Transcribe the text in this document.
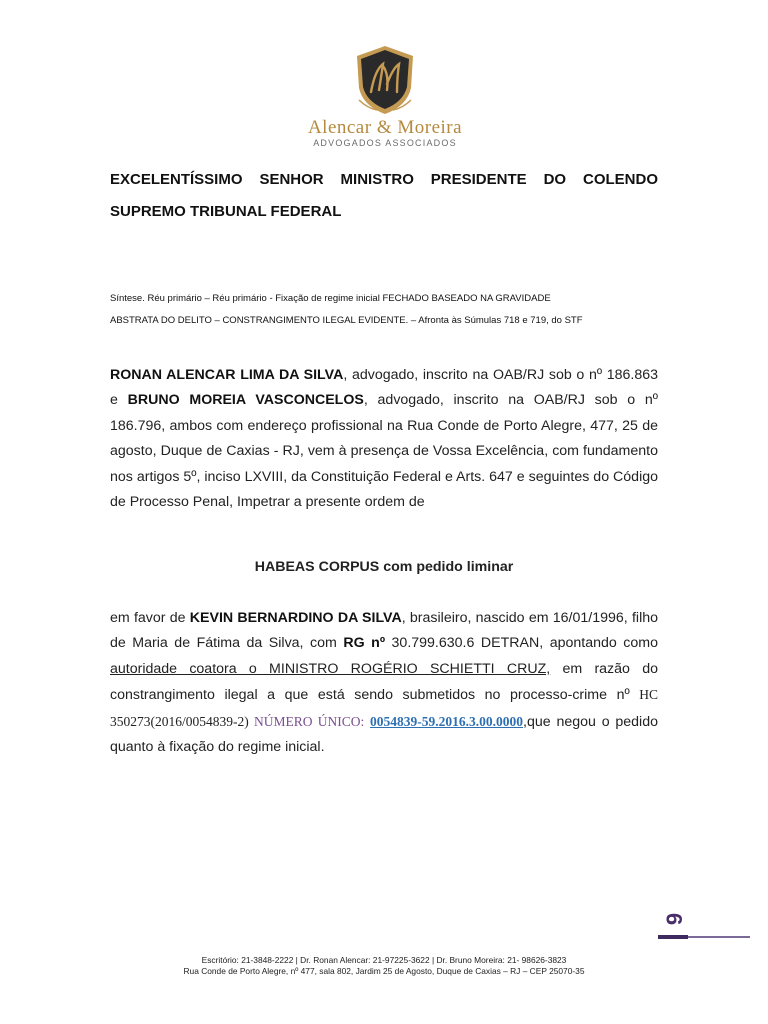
Alencar & Moreira
ADVOGADOS ASSOCIADOS
EXCELENTÍSSIMO SENHOR MINISTRO PRESIDENTE DO COLENDO
SUPREMO TRIBUNAL FEDERAL
Síntese. Réu primário – Réu primário - Fixação de regime inicial FECHADO BASEADO NA GRAVIDADE
ABSTRATA DO DELITO – CONSTRANGIMENTO ILEGAL EVIDENTE. – Afronta às Súmulas 718 e 719, do STF
RONAN ALENCAR LIMA DA SILVA, advogado, inscrito na OAB/RJ sob o nº 186.863 e BRUNO MOREIA VASCONCELOS, advogado, inscrito na OAB/RJ sob o nº 186.796, ambos com endereço profissional na Rua Conde de Porto Alegre, 477, 25 de agosto, Duque de Caxias - RJ, vem à presença de Vossa Excelência, com fundamento nos artigos 5º, inciso LXVIII, da Constituição Federal e Arts. 647 e seguintes do Código de Processo Penal, Impetrar a presente ordem de
HABEAS CORPUS com pedido liminar
em favor de KEVIN BERNARDINO DA SILVA, brasileiro, nascido em 16/01/1996, filho de Maria de Fátima da Silva, com RG nº 30.799.630.6 DETRAN, apontando como autoridade coatora o MINISTRO ROGÉRIO SCHIETTI CRUZ, em razão do constrangimento ilegal a que está sendo submetidos no processo-crime nº HC 350273(2016/0054839-2) NÚMERO ÚNICO: 0054839-59.2016.3.00.0000,que negou o pedido quanto à fixação do regime inicial.
9
Escritório: 21-3848-2222 | Dr. Ronan Alencar: 21-97225-3622 | Dr. Bruno Moreira: 21- 98626-3823
Rua Conde de Porto Alegre, nº 477, sala 802, Jardim 25 de Agosto, Duque de Caxias – RJ – CEP 25070-35
